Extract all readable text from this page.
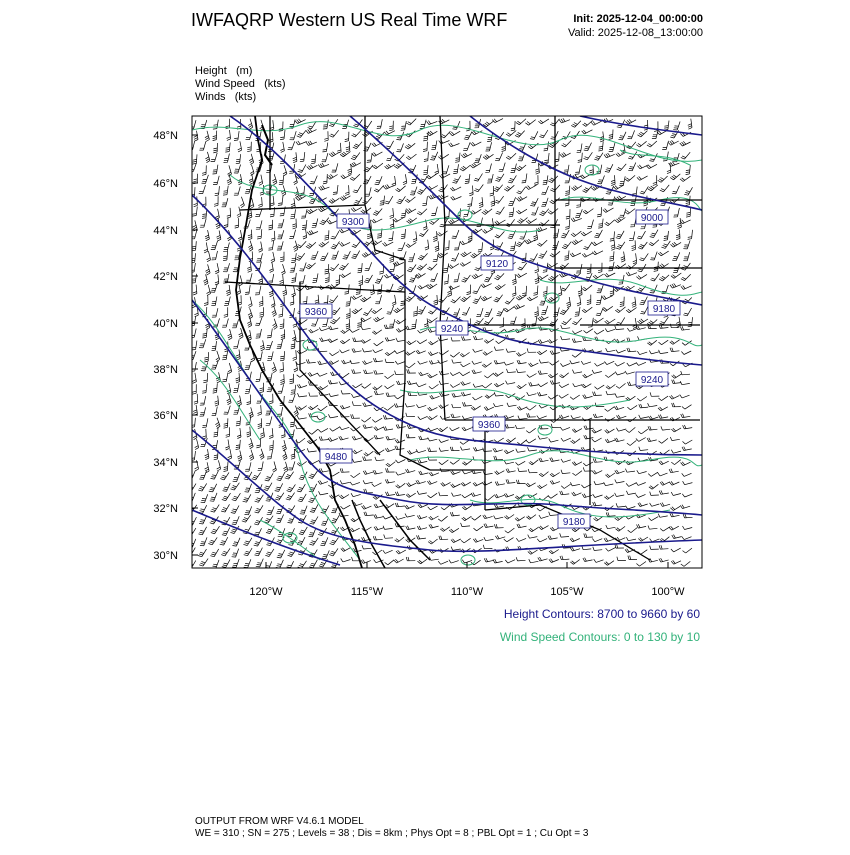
IWFAQRP Western US Real Time WRF	Init: 2025-12-04_00:00:00
Valid: 2025-12-08_13:00:00
Height   (m)
Wind Speed   (kts)
Winds   (kts)
9300
9120
9000
9180
9360
9240
9240
9360
9480
9180
48°N
46°N
44°N
42°N
40°N
38°N
36°N
34°N
32°N
30°N
120°W	115°W	110°W	105°W	100°W
Height Contours: 8700 to 9660 by 60
Wind Speed Contours: 0 to 130 by 10
OUTPUT FROM WRF V4.6.1 MODEL
WE = 310 ; SN = 275 ; Levels = 38 ; Dis = 8km ; Phys Opt = 8 ; PBL Opt = 1 ; Cu Opt = 3
